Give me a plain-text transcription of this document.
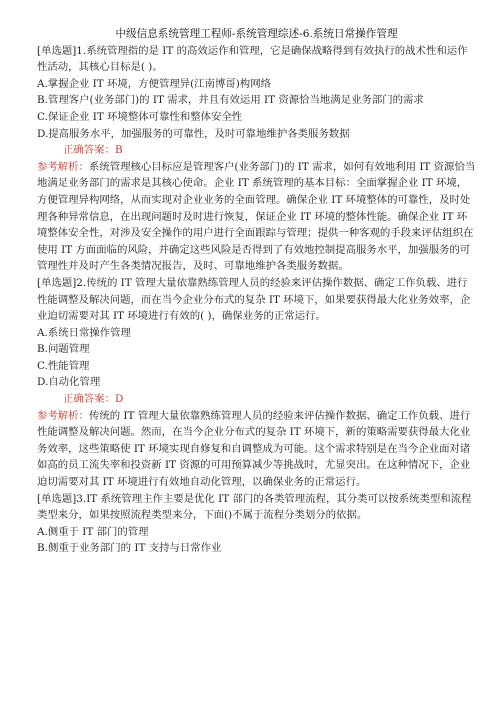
中级信息系统管理工程师-系统管理综述-6.系统日常操作管理

[单选题]1.系统管理指的是 IT 的高效运作和管理，它是确保战略得到有效执行的战术性和运作性活动，其核心目标是( )。

A.掌握企业 IT 环境，方便管理异(江南博哥)构网络

B.管理客户(业务部门)的 IT 需求，并且有效运用 IT 资源恰当地满足业务部门的需求

C.保证企业 IT 环境整体可靠性和整体安全性

D.提高服务水平，加强服务的可靠性，及时可靠地维护各类服务数据

正确答案：B

参考解析：系统管理核心目标应是管理客户(业务部门)的 IT 需求，如何有效地利用 IT 资源恰当地满足业务部门的需求是其核心使命。企业 IT 系统管理的基本目标：全面掌握企业 IT 环境，方便管理异构网络，从而实现对企业业务的全面管理。确保企业 IT 环境整体的可靠性，及时处理各种异常信息，在出现问题时及时进行恢复，保证企业 IT 环境的整体性能。确保企业 IT 环境整体安全性，对涉及安全操作的用户进行全面跟踪与管理；提供一种客观的手段来评估组织在使用 IT 方面面临的风险，并确定这些风险是否得到了有效地控制提高服务水平，加强服务的可管理性并及时产生各类情况报告，及时、可靠地维护各类服务数据。

[单选题]2.传统的 IT 管理大量依靠熟练管理人员的经验来评估操作数据、确定工作负载、进行性能调整及解决问题，而在当今企业分布式的复杂 IT 环境下，如果要获得最大化业务效率，企业迫切需要对其 IT 环境进行有效的( )，确保业务的正常运行。

A.系统日常操作管理

B.问题管理

C.性能管理

D.自动化管理

正确答案：D

参考解析：传统的 IT 管理大量依靠熟练管理人员的经验来评估操作数据、确定工作负载、进行性能调整及解决问题。然而，在当今企业分布式的复杂 IT 环境下，新的策略需要获得最大化业务效率，这些策略使 IT 环境实现自修复和自调整成为可能。这个需求特别是在当今企业面对诸如高的员工流失率和投资新 IT 资源的可用预算减少等挑战时，尤显突出。在这种情况下，企业迫切需要对其 IT 环境进行有效地自动化管理，以确保业务的正常运行。

[单选题]3.IT 系统管理主作主要是优化 IT 部门的各类管理流程，其分类可以按系统类型和流程类型来分，如果按照流程类型来分，下面()不属于流程分类划分的依据。

A.侧重于 IT 部门的管理

B.侧重于业务部门的 IT 支持与日常作业
